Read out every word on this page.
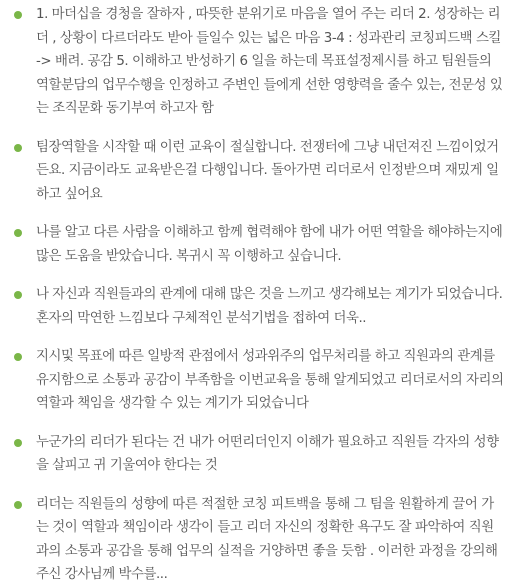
1. 마더십을 경청을 잘하자 , 따뜻한 분위기로 마음을 열어 주는 리더 2. 성장하는 리더 , 상황이 다르더라도 받아 들일수 있는 넓은 마음 3-4 : 성과관리 코칭피드백 스킬 -> 배려. 공감 5. 이해하고 반성하기 6 일을 하는데 목표설정제시를 하고 팀원들의 역할분담의 업무수행을 인정하고 주변인 들에게 선한 영향력을 줄수 있는, 전문성 있는 조직문화 동기부여 하고자 함
팀장역할을 시작할 때 이런 교육이 절실합니다. 전쟁터에 그냥 내던져진 느낌이었거든요. 지금이라도 교육받은걸 다행입니다. 돌아가면 리더로서 인정받으며 재밌게 일하고 싶어요
나를 알고 다른 사람을 이해하고 함께 협력해야 함에 내가 어떤 역할을 해야하는지에 많은 도움을 받았습니다. 복귀시 꼭 이행하고 싶습니다.
나 자신과 직원들과의 관계에 대해 많은 것을 느끼고 생각해보는 계기가 되었습니다. 혼자의 막연한 느낌보다 구체적인 분석기법을 접하여 더욱..
지시및 목표에 따른 일방적 관점에서 성과위주의 업무처리를 하고 직원과의 관계를 유지함으로 소통과 공감이 부족함을 이번교육을 통해 알게되었고 리더로서의 자리의 역할과 책임을 생각할 수 있는 계기가 되었습니다
누군가의 리더가 된다는 건 내가 어떤리더인지 이해가 필요하고 직원들 각자의 성향을 살피고 귀 기울여야 한다는 것
리더는 직원들의 성향에 따른 적절한 코칭 피트백을 통해 그 팀을 원활하게 끌어 가는 것이 역할과 책임이라 생각이 들고 리더 자신의 정확한 욕구도 잘 파악하여 직원과의 소통과 공감을 통해 업무의 실적을 거양하면 좋을 듯함 . 이러한 과정을 강의해주신 강사님께 박수를...
